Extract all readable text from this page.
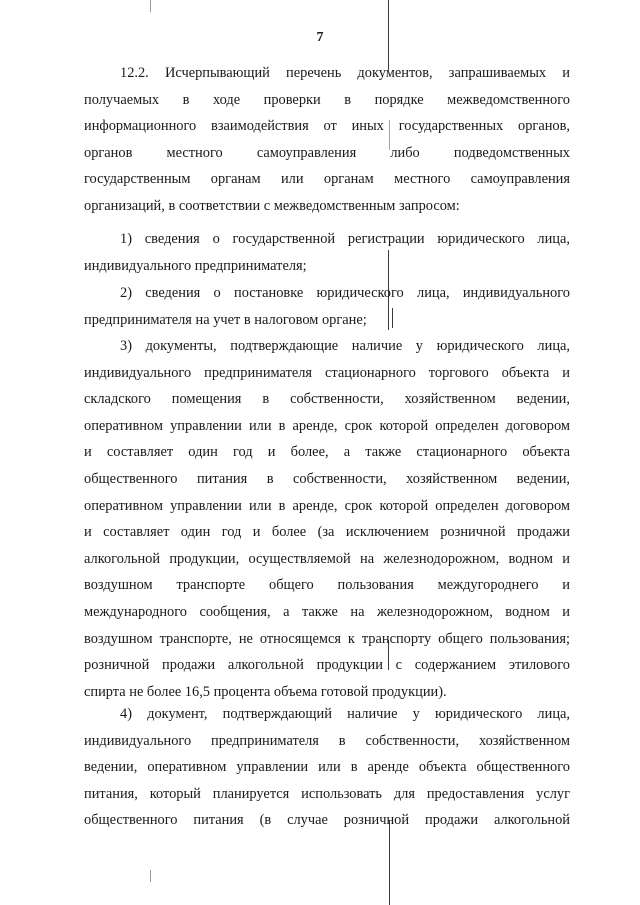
7
12.2. Исчерпывающий перечень документов, запрашиваемых и
получаемых в ходе проверки в порядке межведомственного
информационного взаимодействия от иных государственных органов,
органов местного самоуправления либо подведомственных
государственным органам или органам местного самоуправления
организаций, в соответствии с межведомственным запросом:
1) сведения о государственной регистрации юридического лица,
индивидуального предпринимателя;
2) сведения о постановке юридического лица, индивидуального
предпринимателя на учет в налоговом органе;
3) документы, подтверждающие наличие у юридического лица,
индивидуального предпринимателя стационарного торгового объекта и
складского помещения в собственности, хозяйственном ведении,
оперативном управлении или в аренде, срок которой определен договором
и составляет один год и более, а также стационарного объекта
общественного питания в собственности, хозяйственном ведении,
оперативном управлении или в аренде, срок которой определен договором
и составляет один год и более (за исключением розничной продажи
алкогольной продукции, осуществляемой на железнодорожном, водном и
воздушном транспорте общего пользования междугороднего и
международного сообщения, а также на железнодорожном, водном и
воздушном транспорте, не относящемся к транспорту общего пользования;
розничной продажи алкогольной продукции с содержанием этилового
спирта не более 16,5 процента объема готовой продукции).
4) документ, подтверждающий наличие у юридического лица,
индивидуального предпринимателя в собственности, хозяйственном
ведении, оперативном управлении или в аренде объекта общественного
питания, который планируется использовать для предоставления услуг
общественного питания (в случае розничной продажи алкогольной
